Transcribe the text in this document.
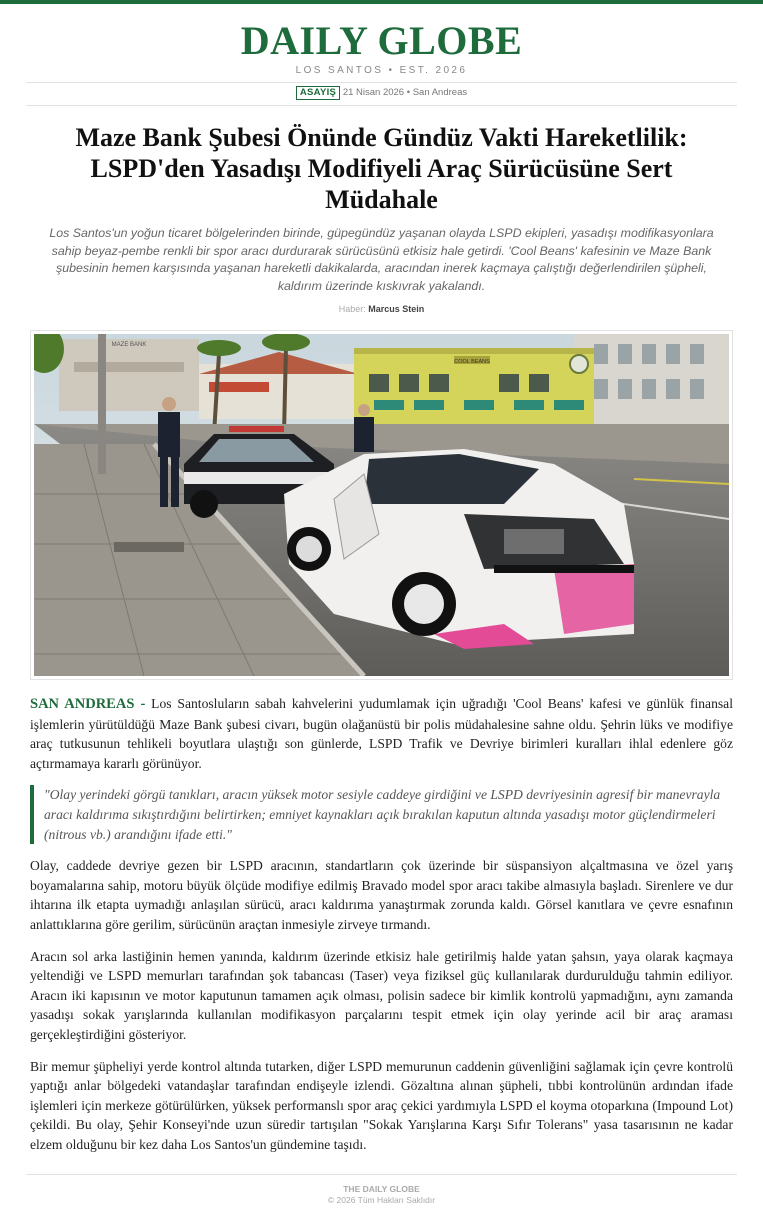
DAILY GLOBE
LOS SANTOS • EST. 2026
ASAYIŞ 21 Nisan 2026 • San Andreas
Maze Bank Şubesi Önünde Gündüz Vakti Hareketlilik: LSPD'den Yasadışı Modifiyeli Araç Sürücüsüne Sert Müdahale

Los Santos'un yoğun ticaret bölgelerinden birinde, güpegündüz yaşanan olayda LSPD ekipleri, yasadışı modifikasyonlara sahip beyaz-pembe renkli bir spor aracı durdurarak sürücüsünü etkisiz hale getirdi. 'Cool Beans' kafesinin ve Maze Bank şubesinin hemen karşısında yaşanan hareketli dakikalarda, aracından inerek kaçmaya çalıştığı değerlendirilen şüpheli, kaldırım üzerinde kıskıvrak yakalandı.

Haber: Marcus Stein
MAZE BANK
COOL BEANS

SAN ANDREAS - Los Santosluların sabah kahvelerini yudumlamak için uğradığı 'Cool Beans' kafesi ve günlük finansal işlemlerin yürütüldüğü Maze Bank şubesi civarı, bugün olağanüstü bir polis müdahalesine sahne oldu. Şehrin lüks ve modifiye araç tutkusunun tehlikeli boyutlara ulaştığı son günlerde, LSPD Trafik ve Devriye birimleri kuralları ihlal edenlere göz açtırmamaya kararlı görünüyor.

"Olay yerindeki görgü tanıkları, aracın yüksek motor sesiyle caddeye girdiğini ve LSPD devriyesinin agresif bir manevrayla aracı kaldırıma sıkıştırdığını belirtirken; emniyet kaynakları açık bırakılan kaputun altında yasadışı motor güçlendirmeleri (nitrous vb.) arandığını ifade etti."

Olay, caddede devriye gezen bir LSPD aracının, standartların çok üzerinde bir süspansiyon alçaltmasına ve özel yarış boyamalarına sahip, motoru büyük ölçüde modifiye edilmiş Bravado model spor aracı takibe almasıyla başladı. Sirenlere ve dur ihtarına ilk etapta uymadığı anlaşılan sürücü, aracı kaldırıma yanaştırmak zorunda kaldı. Görsel kanıtlara ve çevre esnafının anlattıklarına göre gerilim, sürücünün araçtan inmesiyle zirveye tırmandı.

Aracın sol arka lastiğinin hemen yanında, kaldırım üzerinde etkisiz hale getirilmiş halde yatan şahsın, yaya olarak kaçmaya yeltendiği ve LSPD memurları tarafından şok tabancası (Taser) veya fiziksel güç kullanılarak durdurulduğu tahmin ediliyor. Aracın iki kapısının ve motor kaputunun tamamen açık olması, polisin sadece bir kimlik kontrolü yapmadığını, aynı zamanda yasadışı sokak yarışlarında kullanılan modifikasyon parçalarını tespit etmek için olay yerinde acil bir araç araması gerçekleştirdiğini gösteriyor.

Bir memur şüpheliyi yerde kontrol altında tutarken, diğer LSPD memurunun caddenin güvenliğini sağlamak için çevre kontrolü yaptığı anlar bölgedeki vatandaşlar tarafından endişeyle izlendi. Gözaltına alınan şüpheli, tıbbi kontrolünün ardından ifade işlemleri için merkeze götürülürken, yüksek performanslı spor araç çekici yardımıyla LSPD el koyma otoparkına (Impound Lot) çekildi. Bu olay, Şehir Konseyi'nde uzun süredir tartışılan "Sokak Yarışlarına Karşı Sıfır Tolerans" yasa tasarısının ne kadar elzem olduğunu bir kez daha Los Santos'un gündemine taşıdı.

THE DAILY GLOBE
© 2026 Tüm Hakları Saklıdır
